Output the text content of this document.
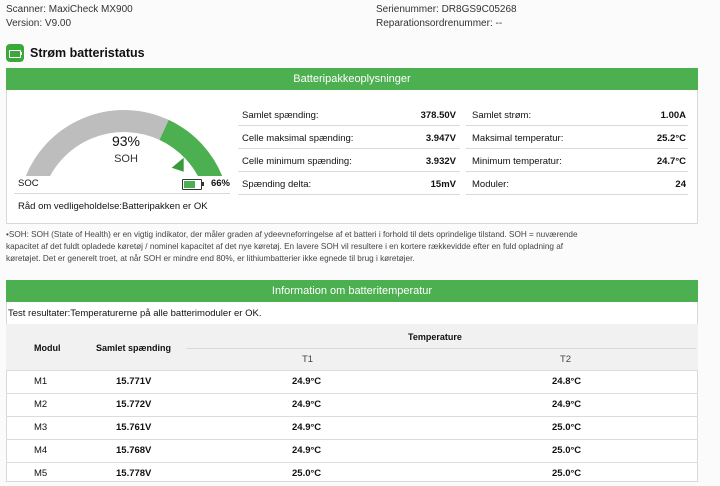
Scanner: MaxiCheck MX900
Version: V9.00
Serienummer: DR8GS9C05268
Reparationsordrenummer: --
Strøm batteristatus
Batteripakkeoplysninger
93%
SOH
SOC	66%
Råd om vedligeholdelse:Batteripakken er OK
Samlet spænding:	378.50V
Celle maksimal spænding:	3.947V
Celle minimum spænding:	3.932V
Spænding delta:	15mV
Samlet strøm:	1.00A
Maksimal temperatur:	25.2°C
Minimum temperatur:	24.7°C
Moduler:	24
•SOH: SOH (State of Health) er en vigtig indikator, der måler graden af ydeevneforringelse af et batteri i forhold til dets oprindelige tilstand. SOH = nuværende
kapacitet af det fuldt opladede køretøj / nominel kapacitet af det nye køretøj. En lavere SOH vil resultere i en kortere rækkevidde efter en fuld opladning af
køretøjet. Det er generelt troet, at når SOH er mindre end 80%, er lithiumbatterier ikke egnede til brug i køretøjer.
Information om batteritemperatur
Test resultater:Temperaturerne på alle batterimoduler er OK.
Modul	Samlet spænding
Temperature
T1	T2
M1	15.771V	24.9°C	24.8°C
M2	15.772V	24.9°C	24.9°C
M3	15.761V	24.9°C	25.0°C
M4	15.768V	24.9°C	25.0°C
M5	15.778V	25.0°C	25.0°C
